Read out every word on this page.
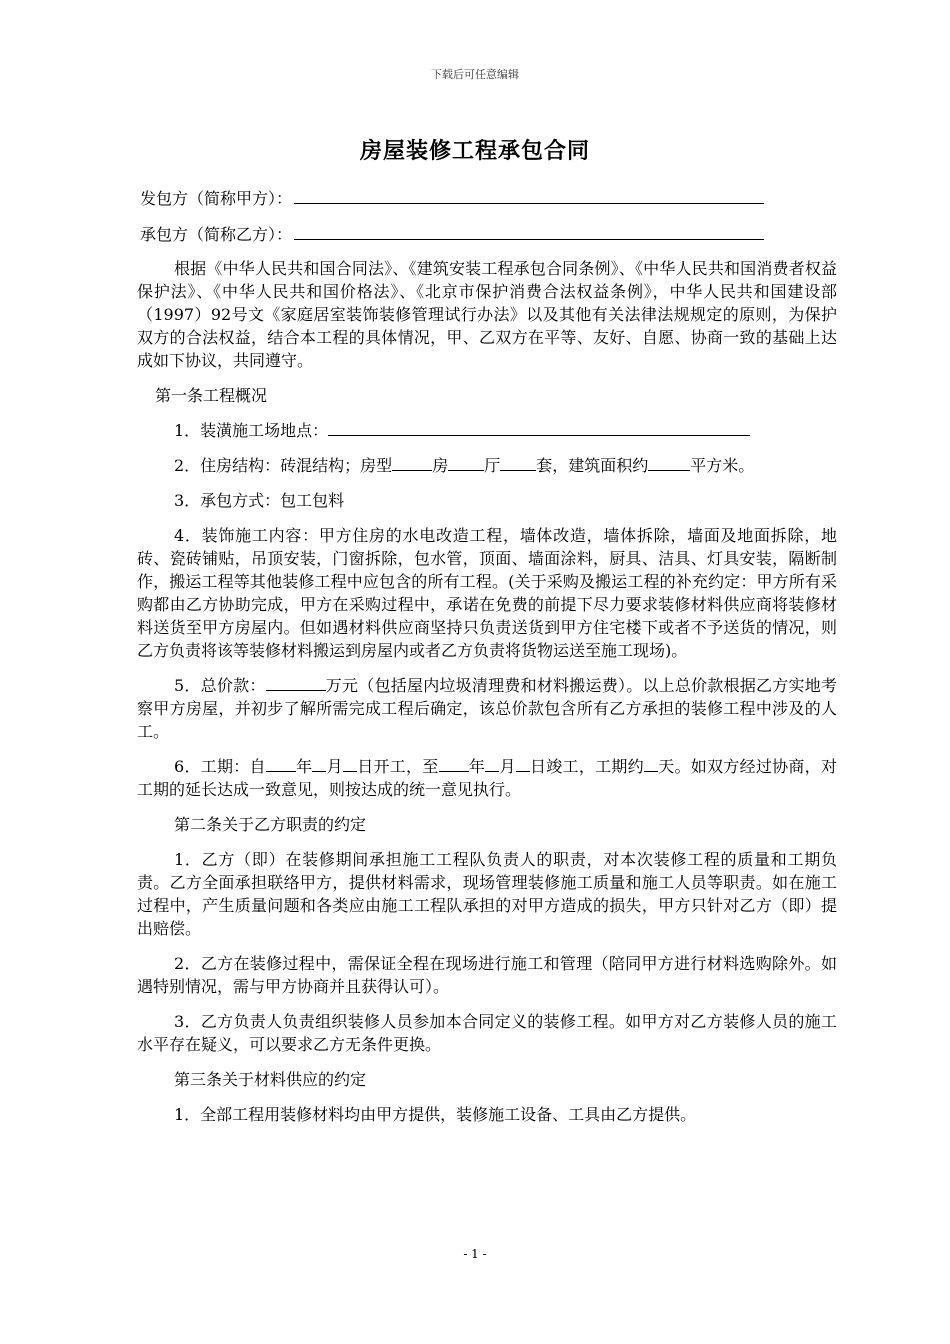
下载后可任意编辑
房屋装修工程承包合同
发包方（简称甲方）：
承包方（简称乙方）：

根据《中华人民共和国合同法》、《建筑安装工程承包合同条例》、《中华人民共和国消费者权益保护法》、《中华人民共和国价格法》、《北京市保护消费合法权益条例》，中华人民共和国建设部（1997）92号文《家庭居室装饰装修管理试行办法》以及其他有关法律法规规定的原则，为保护双方的合法权益，结合本工程的具体情况，甲、乙双方在平等、友好、自愿、协商一致的基础上达成如下协议，共同遵守。

第一条工程概况

1．装潢施工场地点：

2．住房结构：砖混结构；房型	房 厅 套，建筑面积约	平方米。

3．承包方式：包工包料

4．装饰施工内容：甲方住房的水电改造工程，墙体改造，墙体拆除，墙面及地面拆除，地砖、瓷砖铺贴，吊顶安装，门窗拆除，包水管，顶面、墙面涂料，厨具、洁具、灯具安装，隔断制作，搬运工程等其他装修工程中应包含的所有工程。(关于采购及搬运工程的补充约定：甲方所有采购都由乙方协助完成，甲方在采购过程中，承诺在免费的前提下尽力要求装修材料供应商将装修材料送货至甲方房屋内。但如遇材料供应商坚持只负责送货到甲方住宅楼下或者不予送货的情况，则乙方负责将该等装修材料搬运到房屋内或者乙方负责将货物运送至施工现场)。

5．总价款：	万元（包括屋内垃圾清理费和材料搬运费）。以上总价款根据乙方实地考察甲方房屋，并初步了解所需完成工程后确定，该总价款包含所有乙方承担的装修工程中涉及的人工。

6．工期：自 年 月 日开工，至 年 月 日竣工，工期约 天。如双方经过协商，对工期的延长达成一致意见，则按达成的统一意见执行。

第二条关于乙方职责的约定

1．乙方（即）在装修期间承担施工工程队负责人的职责，对本次装修工程的质量和工期负责。乙方全面承担联络甲方，提供材料需求，现场管理装修施工质量和施工人员等职责。如在施工过程中，产生质量问题和各类应由施工工程队承担的对甲方造成的损失，甲方只针对乙方（即）提出赔偿。

2．乙方在装修过程中，需保证全程在现场进行施工和管理（陪同甲方进行材料选购除外。如遇特别情况，需与甲方协商并且获得认可）。

3．乙方负责人负责组织装修人员参加本合同定义的装修工程。如甲方对乙方装修人员的施工水平存在疑义，可以要求乙方无条件更换。

第三条关于材料供应的约定

1．全部工程用装修材料均由甲方提供，装修施工设备、工具由乙方提供。

- 1 -
